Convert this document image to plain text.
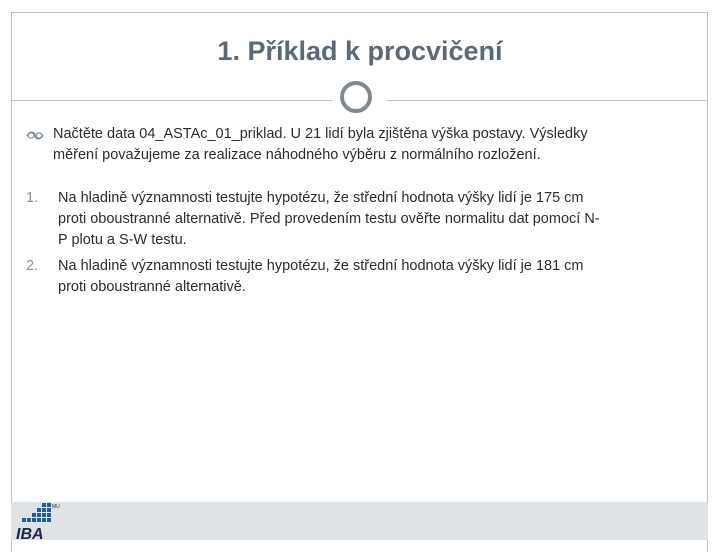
1. Příklad k procvičení
Načtěte data 04_ASTAc_01_priklad. U 21 lidí byla zjištěna výška postavy. Výsledky
měření považujeme za realizace náhodného výběru z normálního rozložení.
1. Na hladině významnosti testujte hypotézu, že střední hodnota výšky lidí je 175 cm
proti oboustranné alternativě. Před provedením testu ověřte normalitu dat pomocí N-
P plotu a S-W testu.
2. Na hladině významnosti testujte hypotézu, že střední hodnota výšky lidí je 181 cm
proti oboustranné alternativě.
MU
IBA
